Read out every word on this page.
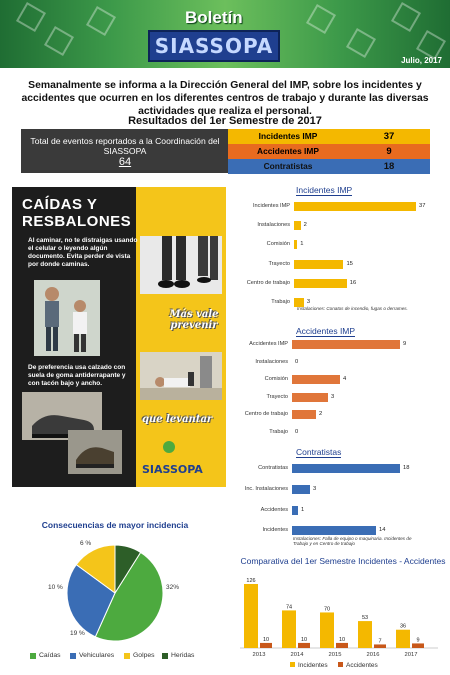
Boletín
SIASSOPA
Julio, 2017
Semanalmente se informa a la Dirección General del IMP, sobre los incidentes y accidentes que ocurren en los diferentes centros de trabajo y durante las diversas actividades que realiza el personal.
Resultados del 1er Semestre de 2017
Total de eventos reportados a la Coordinación del SIASSOPA
64
Incidentes IMP	37
Accidentes IMP	9
Contratistas	18
CAÍDAS Y RESBALONES
Al caminar, no te distraigas usando el celular o leyendo algún documento. Evita perder de vista por donde caminas.
Más vale prevenir
De preferencia usa calzado con suela de goma antiderrapante y con tacón bajo y ancho.
que levantar
SIASSOPA
Incidentes IMP
Incidentes IMP	37
Instalaciones 2
Comisión 1
Trayecto	15
Centro de trabajo	16
Trabajo	3
Instalaciones: Conatos de incendio, fugas o derrames.
Accidentes IMP
Accidentes IMP	9
Instalaciones 0
Comisión	4
Trayecto	3
Centro de trabajo	2
Trabajo 0
Contratistas
Contratistas	18
Inc. Instalaciones	3
Accidentes 1
Incidentes	14
Instalaciones: Falla de equipo o maquinaria. Incidentes de Trabajo y en Centro de trabajo
Consecuencias de mayor incidencia
32%
19 %
10 %
6 %
Caídas	Vehiculares	Golpes Heridas
Comparativa del 1er Semestre Incidentes - Accidentes
126
10
2013
74
10
2014
70
10
2015
53
7
2016
36
9
2017
Incidentes	Accidentes
